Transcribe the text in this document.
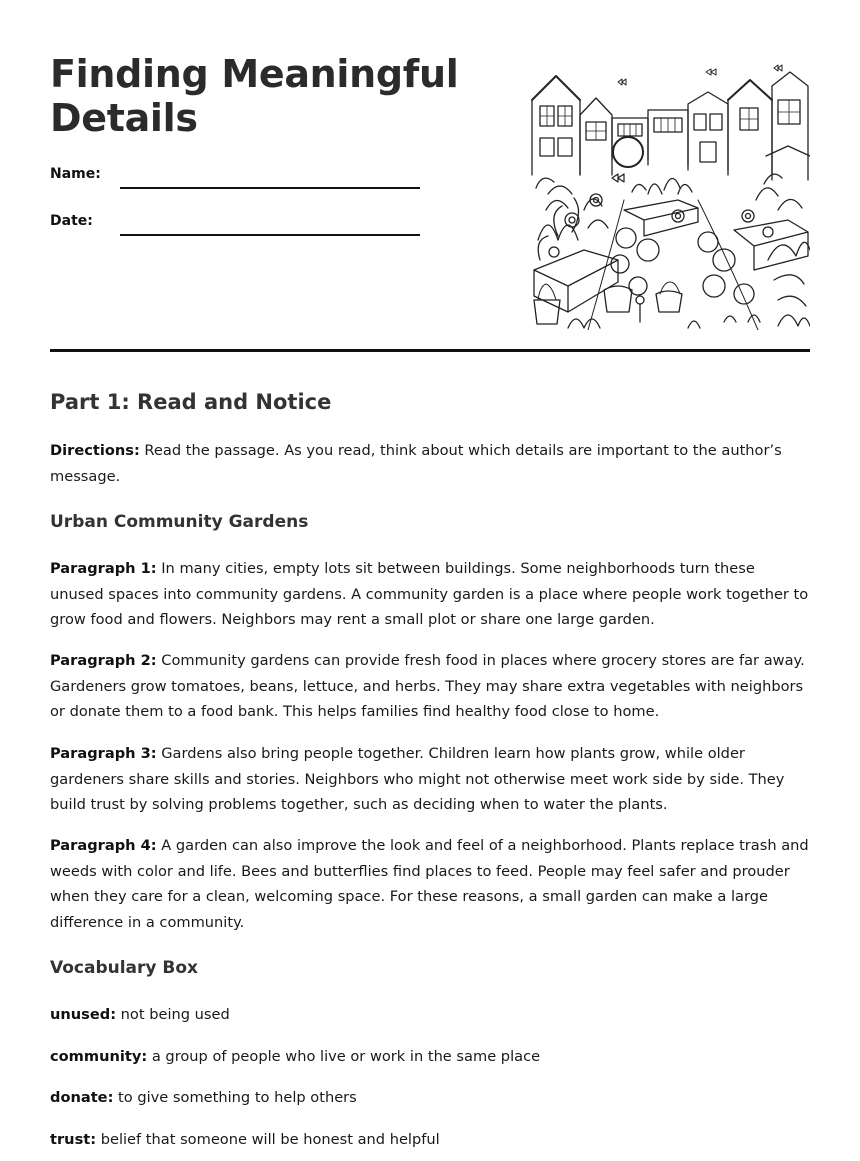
Finding Meaningful Details
Name:
Date:
Part 1: Read and Notice

Directions: Read the passage. As you read, think about which details are important to the author’s message.

Urban Community Gardens

Paragraph 1: In many cities, empty lots sit between buildings. Some neighborhoods turn these unused spaces into community gardens. A community garden is a place where people work together to grow food and flowers. Neighbors may rent a small plot or share one large garden.

Paragraph 2: Community gardens can provide fresh food in places where grocery stores are far away. Gardeners grow tomatoes, beans, lettuce, and herbs. They may share extra vegetables with neighbors or donate them to a food bank. This helps families find healthy food close to home.

Paragraph 3: Gardens also bring people together. Children learn how plants grow, while older gardeners share skills and stories. Neighbors who might not otherwise meet work side by side. They build trust by solving problems together, such as deciding when to water the plants.

Paragraph 4: A garden can also improve the look and feel of a neighborhood. Plants replace trash and weeds with color and life. Bees and butterflies find places to feed. People may feel safer and prouder when they care for a clean, welcoming space. For these reasons, a small garden can make a large difference in a community.

Vocabulary Box

unused: not being used

community: a group of people who live or work in the same place

donate: to give something to help others

trust: belief that someone will be honest and helpful
